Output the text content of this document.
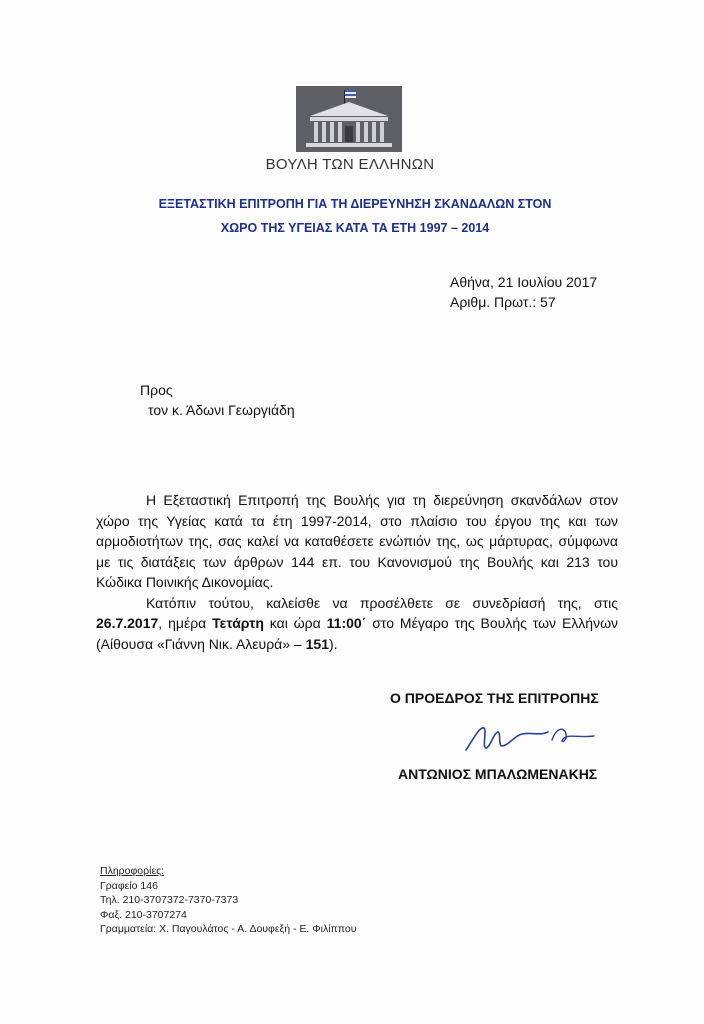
ΒΟΥΛΗ ΤΩΝ ΕΛΛΗΝΩΝ
ΕΞΕΤΑΣΤΙΚΗ ΕΠΙΤΡΟΠΗ ΓΙΑ ΤΗ ΔΙΕΡΕΥΝΗΣΗ ΣΚΑΝΔΑΛΩΝ ΣΤΟΝ
ΧΩΡΟ ΤΗΣ ΥΓΕΙΑΣ ΚΑΤΑ ΤΑ ΕΤΗ 1997 – 2014
Αθήνα, 21 Ιουλίου 2017
Αριθμ. Πρωτ.: 57
Προς
τον κ. Άδωνι Γεωργιάδη

Η Εξεταστική Επιτροπή της Βουλής για τη διερεύνηση σκανδάλων στον χώρο της Υγείας κατά τα έτη 1997-2014, στο πλαίσιο του έργου της και των αρμοδιοτήτων της, σας καλεί να καταθέσετε ενώπιόν της, ως μάρτυρας, σύμφωνα με τις διατάξεις των άρθρων 144 επ. του Κανονισμού της Βουλής και 213 του Κώδικα Ποινικής Δικονομίας.

Κατόπιν τούτου, καλείσθε να προσέλθετε σε συνεδρίασή της, στις 26.7.2017, ημέρα Τετάρτη και ώρα 11:00΄ στο Μέγαρο της Βουλής των Ελλήνων (Αίθουσα «Γιάννη Νικ. Αλευρά» – 151).

Ο ΠΡΟΕΔΡΟΣ ΤΗΣ ΕΠΙΤΡΟΠΗΣ
ΑΝΤΩΝΙΟΣ ΜΠΑΛΩΜΕΝΑΚΗΣ
Πληροφορίες:
Γραφείο 146
Τηλ. 210-3707372-7370-7373
Φαξ. 210-3707274
Γραμματεία: Χ. Παγουλάτος - Α. Δουφεξή - Ε. Φιλίππου
